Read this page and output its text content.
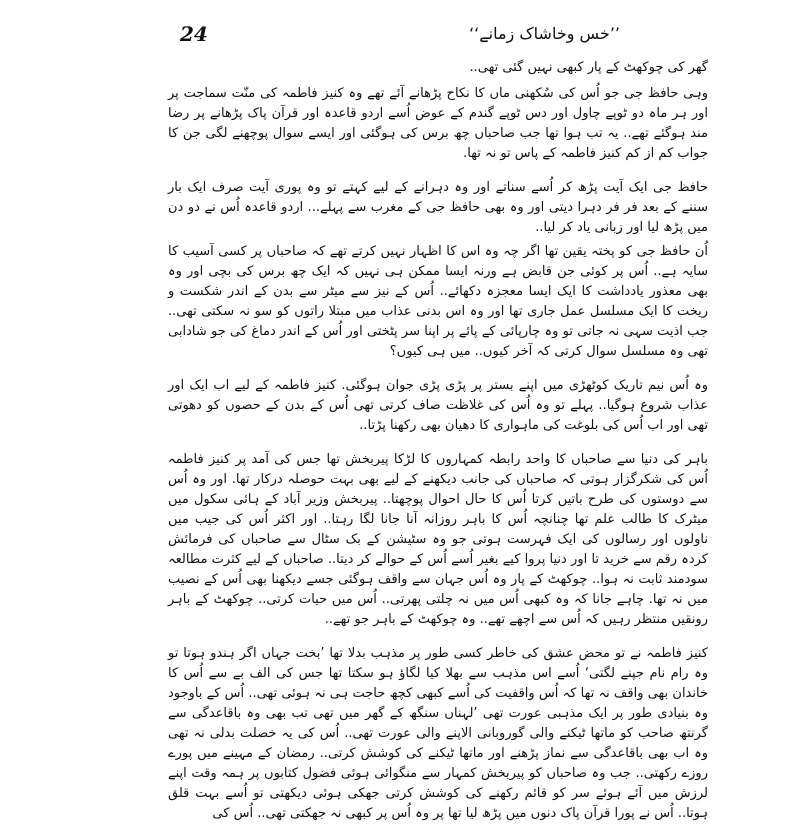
24	’’خس وخاشاک زمانے‘‘

گھر کی چوکھٹ کے پار کبھی نہیں گئی تھی..

وہی حافظ جی جو اُس کی سُکھنی ماں کا نکاح پڑھانے آئے تھے وہ کنیز فاطمہ کی منّت سماجت پر اور ہر ماہ دو ٹوپے چاول اور دس ٹوپے گندم کے عوض اُسے اردو قاعدہ اور قرآن پاک پڑھانے پر رضا مند ہوگئے تھے.. یہ تب ہوا تھا جب صاحباں چھ برس کی ہوگئی اور ایسے سوال پوچھنے لگی جن کا جواب کم از کم کنیز فاطمہ کے پاس تو نہ تھا.

حافظ جی ایک آیت پڑھ کر اُسے سناتے اور وہ دہرانے کے لیے کہتے تو وہ پوری آیت صرف ایک بار سننے کے بعد فر فر دہرا دیتی اور وہ بھی حافظ جی کے مغرب سے پہلے... اردو قاعدہ اُس نے دو دن میں پڑھ لیا اور زبانی یاد کر لیا..

اُن حافظ جی کو پختہ یقین تھا اگر چہ وہ اس کا اظہار نہیں کرتے تھے کہ صاحباں پر کسی آسیب کا سایہ ہے.. اُس پر کوئی جن قابض ہے ورنہ ایسا ممکن ہی نہیں کہ ایک چھ برس کی بچی اور وہ بھی معذور یادداشت کا ایک ایسا معجزہ دکھائے.. اُس کے نیز سے میٹر سے بدن کے اندر شکست و ریخت کا ایک مسلسل عمل جاری تھا اور وہ اس بدنی عذاب میں مبتلا راتوں کو سو نہ سکتی تھی.. جب اذیت سہی نہ جاتی تو وہ چارپائی کے پائے پر اپنا سر پٹختی اور اُس کے اندر دماغ کی جو شادابی تھی وہ مسلسل سوال کرتی کہ آخر کیوں.. میں ہی کیوں؟

وہ اُس نیم تاریک کوٹھڑی میں اپنے بستر پر پڑی پڑی جوان ہوگئی. کنیز فاطمہ کے لیے اب ایک اور عذاب شروع ہوگیا.. پہلے تو وہ اُس کی غلاظت صاف کرتی تھی اُس کے بدن کے حصوں کو دھوتی تھی اور اب اُس کی بلوغت کی ماہواری کا دھیان بھی رکھنا پڑتا..

باہر کی دنیا سے صاحباں کا واحد رابطہ کمہاروں کا لڑکا پیربخش تھا جس کی آمد پر کنیز فاطمہ اُس کی شکرگزار ہوتی کہ صاحباں کی جانب دیکھنے کے لیے بھی بہت حوصلہ درکار تھا. اور وہ اُس سے دوستوں کی طرح باتیں کرتا اُس کا حال احوال پوچھتا.. پیربخش وزیر آباد کے ہائی سکول میں میٹرک کا طالب علم تھا چنانچہ اُس کا باہر روزانہ آنا جانا لگا رہتا.. اور اکثر اُس کی جیب میں ناولوں اور رسالوں کی ایک فہرست ہوتی جو وہ سٹیشن کے بک سٹال سے صاحباں کی فرمائش کردہ رقم سے خرید تا اور دنیا پروا کیے بغیر اُسے اُس کے حوالے کر دیتا.. صاحباں کے لیے کثرت مطالعہ سودمند ثابت نہ ہوا.. چوکھٹ کے پار وہ اُس جہان سے واقف ہوگئی جسے دیکھنا بھی اُس کے نصیب میں نہ تھا. چاہے جانا کہ وہ کبھی اُس میں نہ چلتی پھرتی.. اُس میں حیات کرتی.. چوکھٹ کے باہر رونقیں منتظر رہیں کہ اُس سے اچھے تھے.. وہ چوکھٹ کے باہر جو تھے..

کنیز فاطمہ نے تو محض عشق کی خاطر کسی طور پر مذہب بدلا تھا ’بخت جہاں اگر ہندو ہوتا تو وہ رام نام جپنے لگتی‘ اُسے اس مذہب سے بھلا کیا لگاؤ ہو سکتا تھا جس کی الف بے سے اُس کا خاندان بھی واقف نہ تھا کہ اُس واقفیت کی اُسے کبھی کچھ حاجت ہی نہ ہوئی تھی.. اُس کے باوجود وہ بنیادی طور پر ایک مذہبی عورت تھی ’لہناں سنگھ کے گھر میں تھی تب بھی وہ باقاعدگی سے گرنتھ صاحب کو ماتھا ٹیکنے والی گوروبانی الاپنے والی عورت تھی.. اُس کی یہ خصلت بدلی نہ تھی وہ اب بھی باقاعدگی سے نماز پڑھنے اور ماتھا ٹیکنے کی کوشش کرتی.. رمضان کے مہینے میں پورے روزے رکھتی.. جب وہ صاحباں کو پیربخش کمہار سے منگوائی ہوئی فضول کتابوں پر ہمہ وقت اپنے لرزش میں آئے ہوئے سر کو قائم رکھنے کی کوشش کرتی جھکی ہوئی دیکھتی تو اُسے بہت قلق ہوتا.. اُس نے پورا قرآن پاک دنوں میں پڑھ لیا تھا پر وہ اُس پر کبھی نہ جھکتی تھی.. اُس کی
